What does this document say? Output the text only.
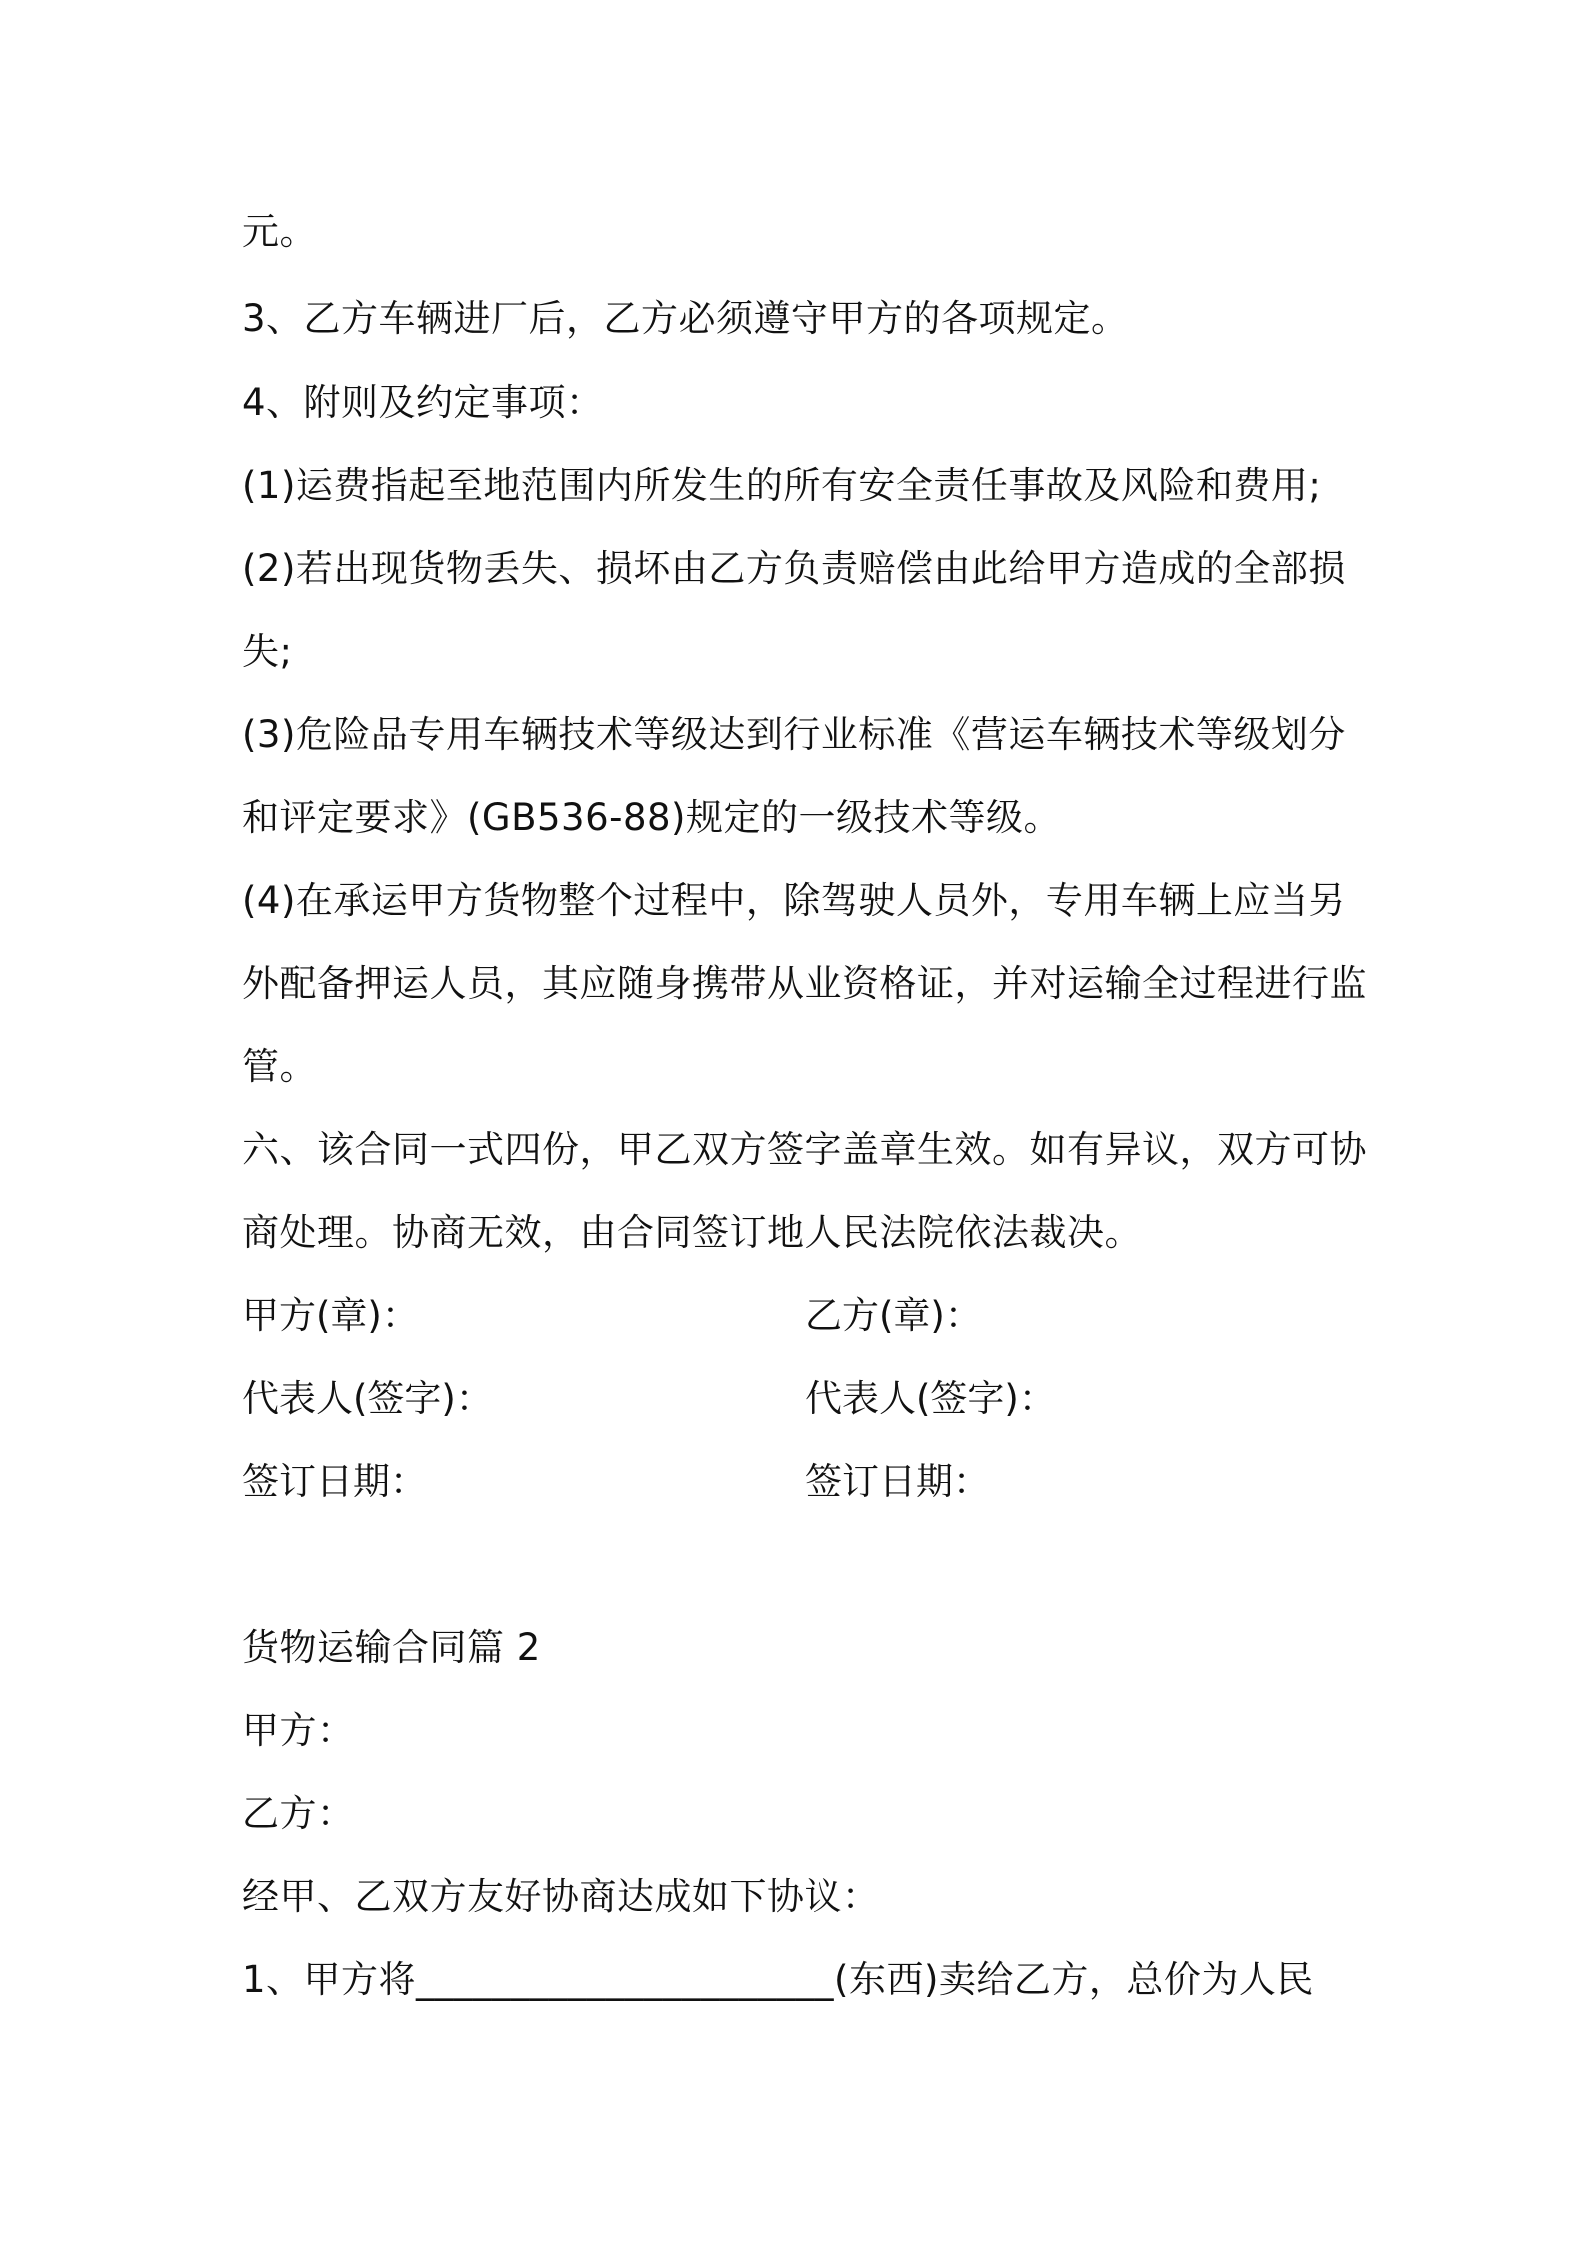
元。
3、乙方车辆进厂后，乙方必须遵守甲方的各项规定。
4、附则及约定事项：
(1)运费指起至地范围内所发生的所有安全责任事故及风险和费用;
(2)若出现货物丢失、损坏由乙方负责赔偿由此给甲方造成的全部损
失;
(3)危险品专用车辆技术等级达到行业标准《营运车辆技术等级划分
和评定要求》(GB536-88)规定的一级技术等级。
(4)在承运甲方货物整个过程中，除驾驶人员外，专用车辆上应当另
外配备押运人员，其应随身携带从业资格证，并对运输全过程进行监
管。
六、该合同一式四份，甲乙双方签字盖章生效。如有异议，双方可协
商处理。协商无效，由合同签订地人民法院依法裁决。
甲方(章)：	乙方(章)：
代表人(签字)：	代表人(签字)：
签订日期：	签订日期：
货物运输合同篇 2
甲方：
乙方：
经甲、乙双方友好协商达成如下协议：
1、甲方将______________________(东西)卖给乙方，总价为人民
